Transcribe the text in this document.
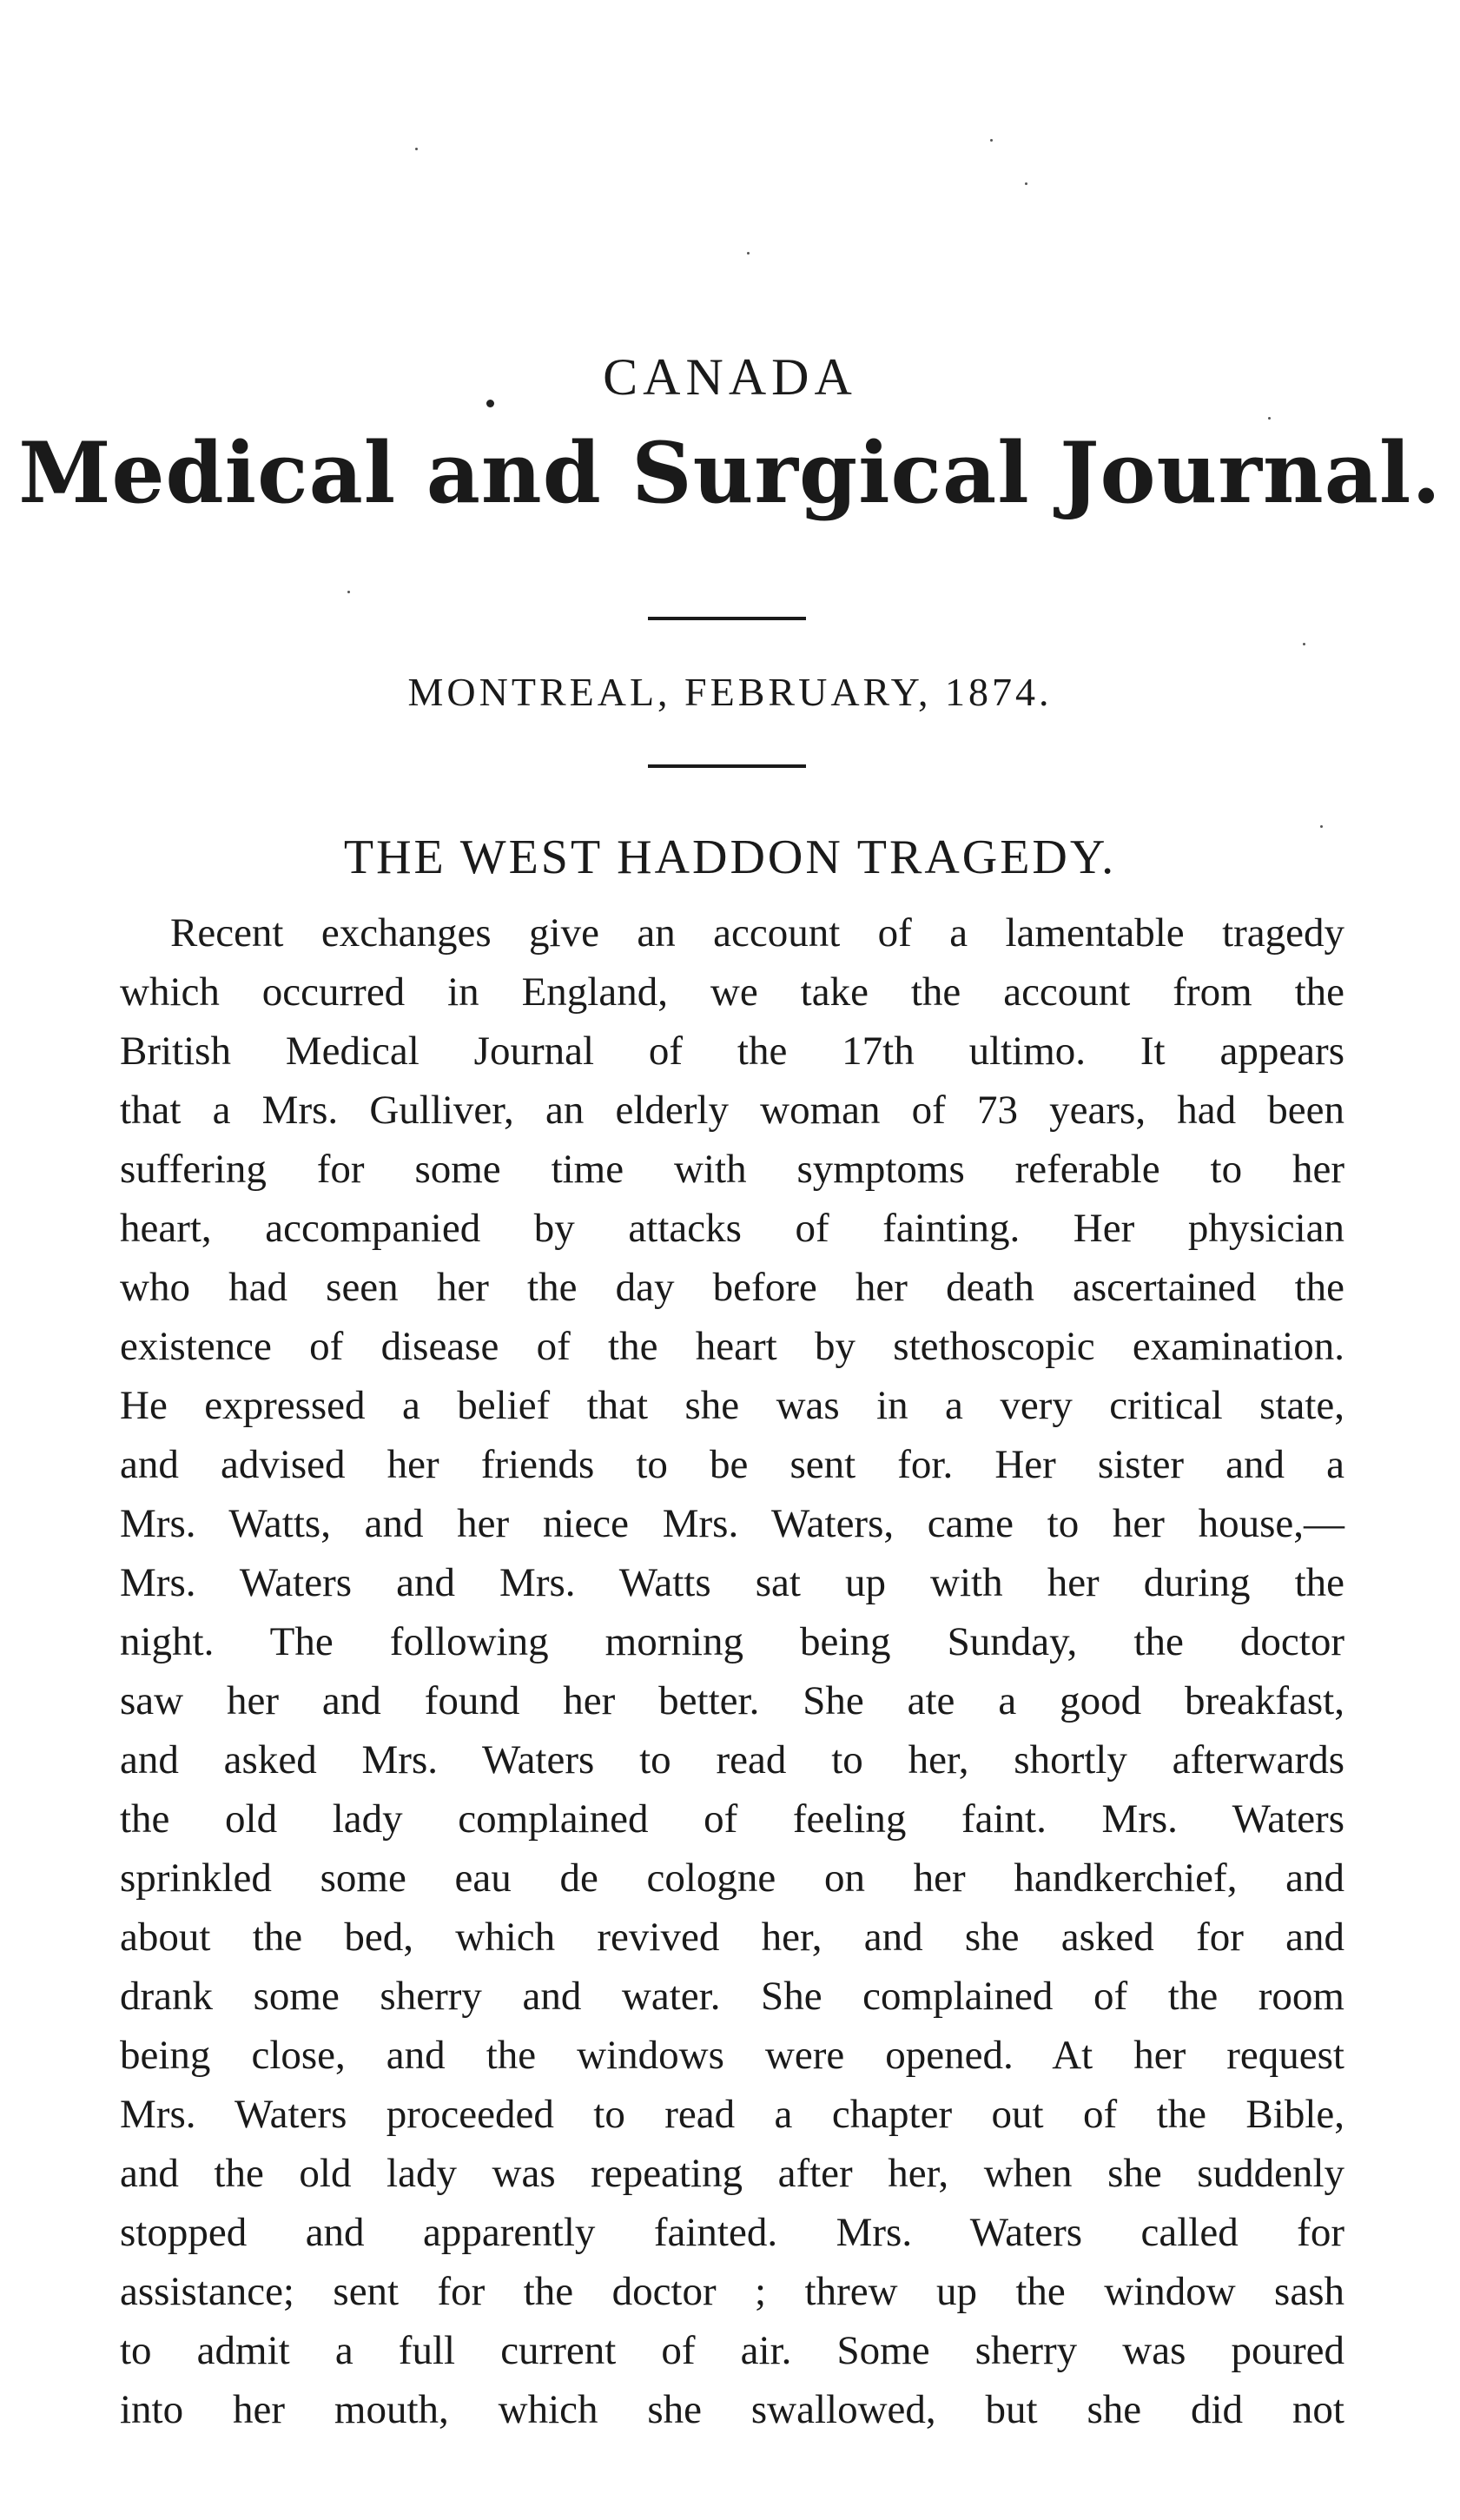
CANADA
Medical and Surgical Journal.
MONTREAL, FEBRUARY, 1874.
THE WEST HADDON TRAGEDY.
Recent exchanges give an account of a lamentable tragedy
which occurred in England, we take the account from the
British Medical Journal of the 17th ultimo. It appears
that a Mrs. Gulliver, an elderly woman of 73 years, had been
suffering for some time with symptoms referable to her
heart, accompanied by attacks of fainting. Her physician
who had seen her the day before her death ascertained the
existence of disease of the heart by stethoscopic examination.
He expressed a belief that she was in a very critical state,
and advised her friends to be sent for. Her sister and a
Mrs. Watts, and her niece Mrs. Waters, came to her house,—
Mrs. Waters and Mrs. Watts sat up with her during the
night. The following morning being Sunday, the doctor
saw her and found her better. She ate a good breakfast,
and asked Mrs. Waters to read to her, shortly afterwards
the old lady complained of feeling faint. Mrs. Waters
sprinkled some eau de cologne on her handkerchief, and
about the bed, which revived her, and she asked for and
drank some sherry and water. She complained of the room
being close, and the windows were opened. At her request
Mrs. Waters proceeded to read a chapter out of the Bible,
and the old lady was repeating after her, when she suddenly
stopped and apparently fainted. Mrs. Waters called for
assistance; sent for the doctor ; threw up the window sash
to admit a full current of air. Some sherry was poured
into her mouth, which she swallowed, but she did not
